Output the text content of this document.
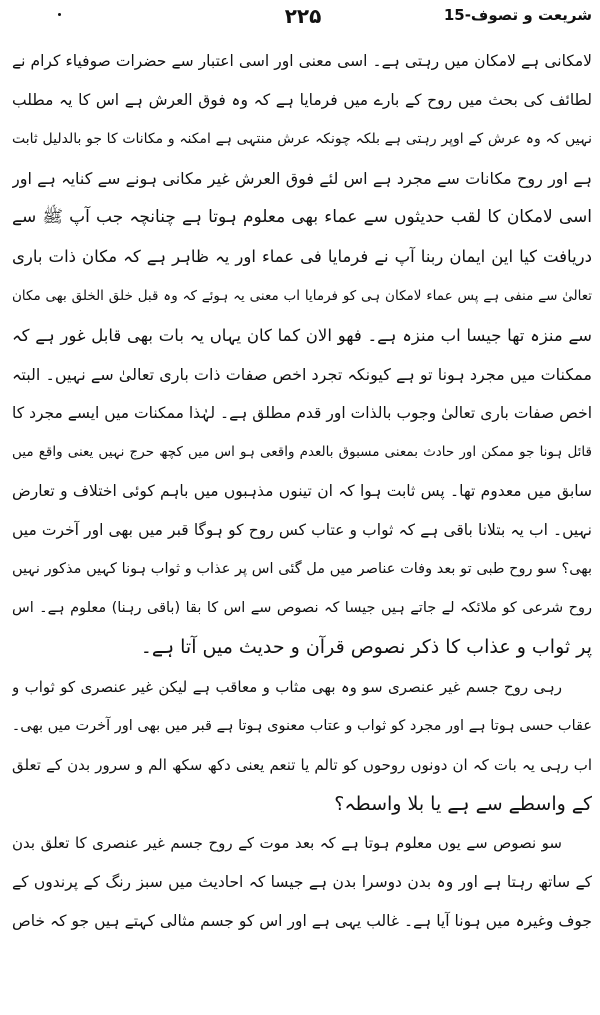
۲۲۵	شریعت و تصوف-15
لامکانی ہے لامکان میں رہتی ہے۔ اسی معنی اور اسی اعتبار سے حضرات صوفیاء کرام نے
لطائف کی بحث میں روح کے بارے میں فرمایا ہے کہ وہ فوق العرش ہے اس کا یہ مطلب
نہیں کہ وہ عرش کے اوپر رہتی ہے بلکہ چونکہ عرش منتہی ہے امکنہ و مکانات کا جو بالدلیل ثابت
ہے اور روح مکانات سے مجرد ہے اس لئے فوق العرش غیر مکانی ہونے سے کنایہ ہے اور
اسی لامکان کا لقب حدیثوں سے عماء بھی معلوم ہوتا ہے چنانچہ جب آپ ﷺ سے
دریافت کیا این ایمان ربنا آپ نے فرمایا فی عماء اور یہ ظاہر ہے کہ مکان ذات باری
تعالیٰ سے منفی ہے پس عماء لامکان ہی کو فرمایا اب معنی یہ ہوئے کہ وہ قبل خلق الخلق بھی مکان
سے منزہ تھا جیسا اب منزہ ہے۔ فھو الان کما کان یہاں یہ بات بھی قابل غور ہے کہ
ممکنات میں مجرد ہونا تو ہے کیونکہ تجرد اخص صفات ذات باری تعالیٰ سے نہیں۔ البتہ
اخص صفات باری تعالیٰ وجوب بالذات اور قدم مطلق ہے۔ لہٰذا ممکنات میں ایسے مجرد کا
قائل ہونا جو ممکن اور حادث بمعنی مسبوق بالعدم واقعی ہو اس میں کچھ حرج نہیں یعنی واقع میں
سابق میں معدوم تھا۔ پس ثابت ہوا کہ ان تینوں مذہبوں میں باہم کوئی اختلاف و تعارض
نہیں۔ اب یہ بتلانا باقی ہے کہ ثواب و عتاب کس روح کو ہوگا قبر میں بھی اور آخرت میں
بھی؟ سو روح طبی تو بعد وفات عناصر میں مل گئی اس پر عذاب و ثواب ہونا کہیں مذکور نہیں
روح شرعی کو ملائکہ لے جاتے ہیں جیسا کہ نصوص سے اس کا بقا (باقی رہنا) معلوم ہے۔ اس
پر ثواب و عذاب کا ذکر نصوص قرآن و حدیث میں آتا ہے۔
رہی روح جسم غیر عنصری سو وہ بھی مثاب و معاقب ہے لیکن غیر عنصری کو ثواب و
عقاب حسی ہوتا ہے اور مجرد کو ثواب و عتاب معنوی ہوتا ہے قبر میں بھی اور آخرت میں بھی۔
اب رہی یہ بات کہ ان دونوں روحوں کو تالم یا تنعم یعنی دکھ سکھ الم و سرور بدن کے تعلق
کے واسطے سے ہے یا بلا واسطہ؟
سو نصوص سے یوں معلوم ہوتا ہے کہ بعد موت کے روح جسم غیر عنصری کا تعلق بدن
کے ساتھ رہتا ہے اور وہ بدن دوسرا بدن ہے جیسا کہ احادیث میں سبز رنگ کے پرندوں کے
جوف وغیرہ میں ہونا آیا ہے۔ غالب یہی ہے اور اس کو جسم مثالی کہتے ہیں جو کہ خاص
